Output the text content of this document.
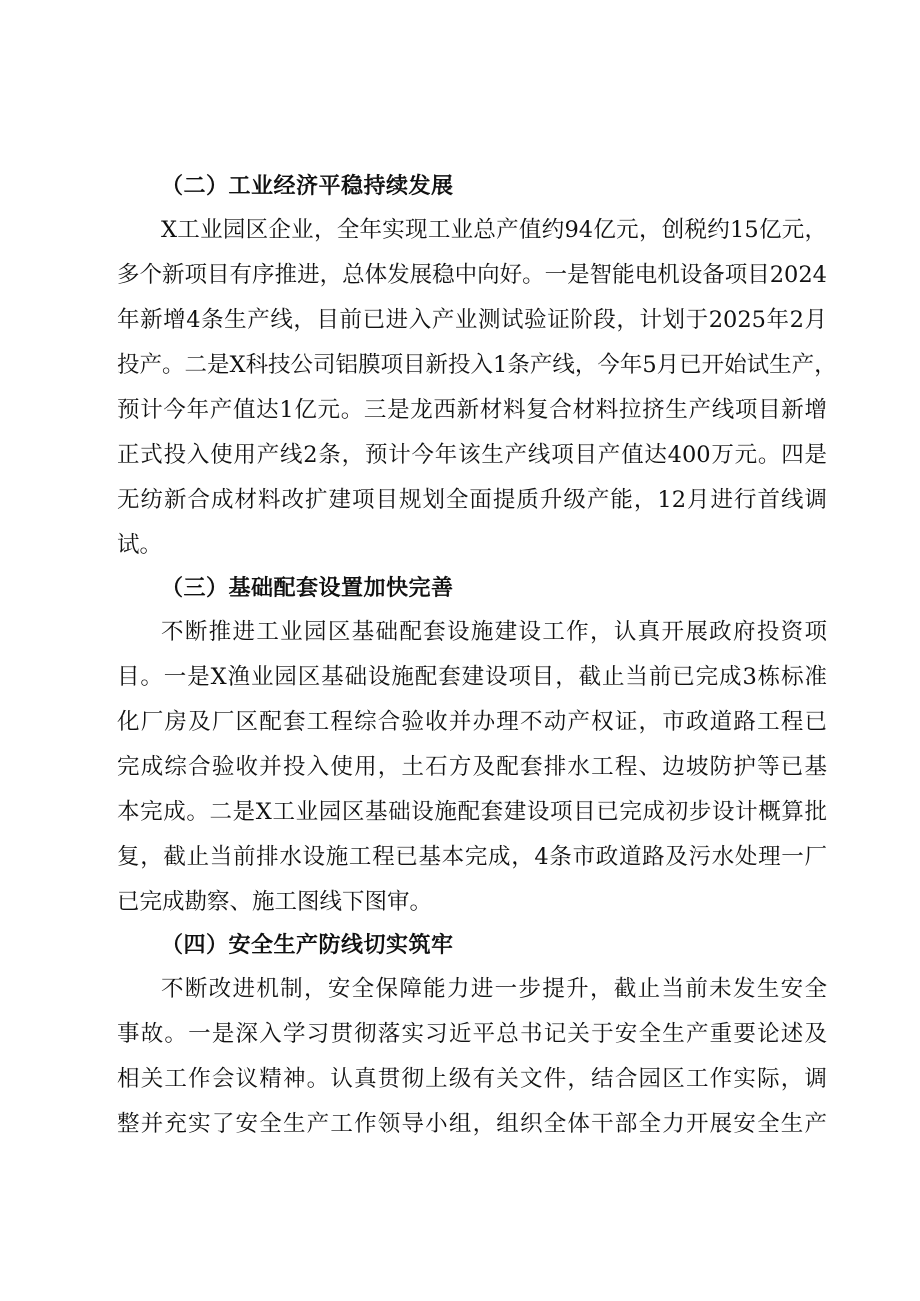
（二）工业经济平稳持续发展
X工业园区企业，全年实现工业总产值约94亿元，创税约15亿元，
多个新项目有序推进，总体发展稳中向好。一是智能电机设备项目2024
年新增4条生产线，目前已进入产业测试验证阶段，计划于2025年2月
投产。二是X科技公司铝膜项目新投入1条产线，今年5月已开始试生产，
预计今年产值达1亿元。三是龙西新材料复合材料拉挤生产线项目新增
正式投入使用产线2条，预计今年该生产线项目产值达400万元。四是
无纺新合成材料改扩建项目规划全面提质升级产能，12月进行首线调
试。
（三）基础配套设置加快完善
不断推进工业园区基础配套设施建设工作，认真开展政府投资项
目。一是X渔业园区基础设施配套建设项目，截止当前已完成3栋标准
化厂房及厂区配套工程综合验收并办理不动产权证，市政道路工程已
完成综合验收并投入使用，土石方及配套排水工程、边坡防护等已基
本完成。二是X工业园区基础设施配套建设项目已完成初步设计概算批
复，截止当前排水设施工程已基本完成，4条市政道路及污水处理一厂
已完成勘察、施工图线下图审。
（四）安全生产防线切实筑牢
不断改进机制，安全保障能力进一步提升，截止当前未发生安全
事故。一是深入学习贯彻落实习近平总书记关于安全生产重要论述及
相关工作会议精神。认真贯彻上级有关文件，结合园区工作实际，调
整并充实了安全生产工作领导小组，组织全体干部全力开展安全生产
